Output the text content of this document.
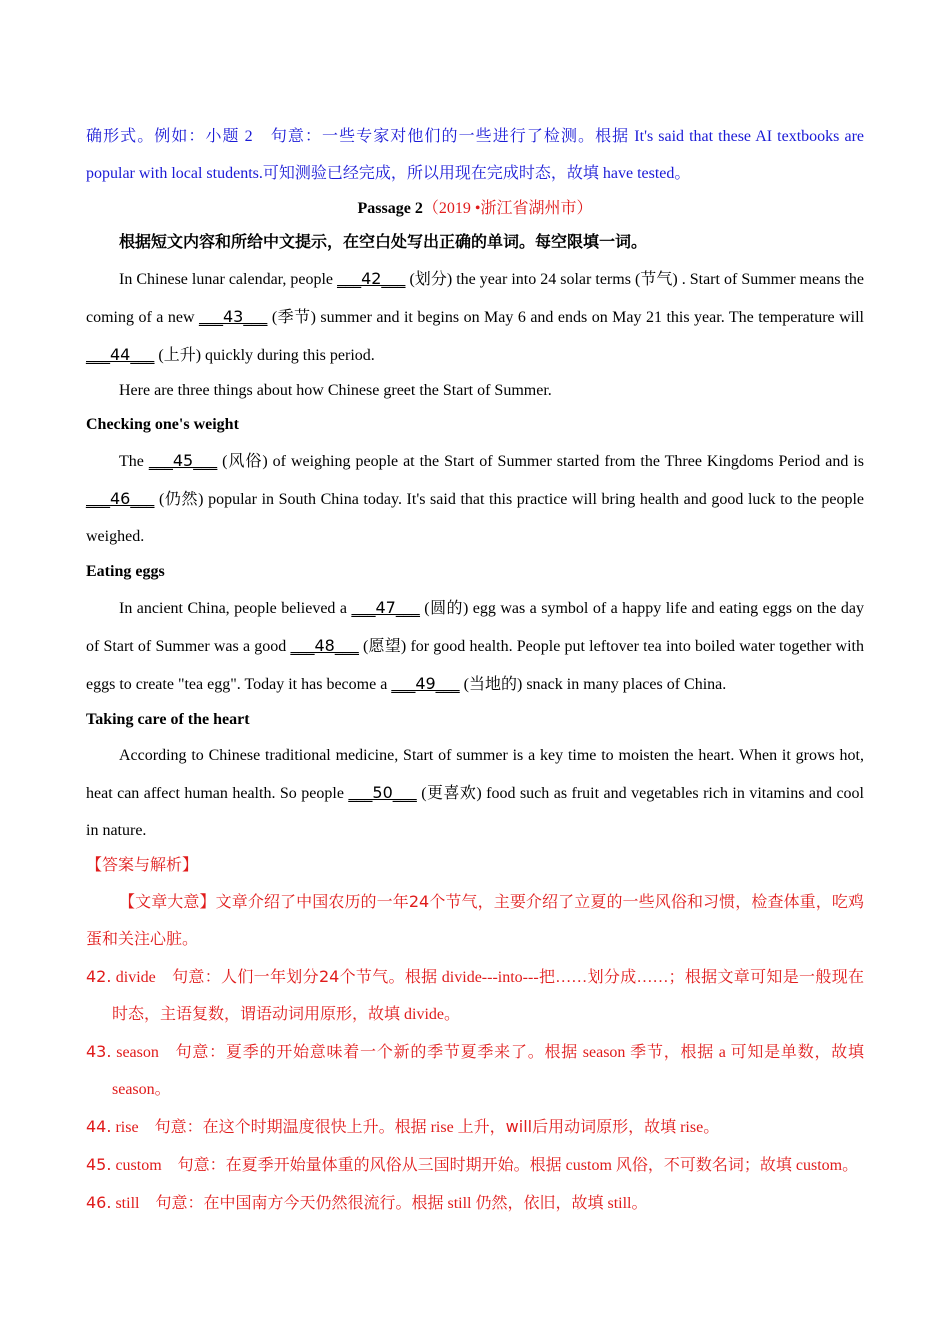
确形式。例如：小题 2　句意：一些专家对他们的一些进行了检测。根据 It's said that these AI textbooks are popular with local students.可知测验已经完成，所以用现在完成时态，故填 have tested。
Passage 2（2019 •浙江省湖州市）
根据短文内容和所给中文提示，在空白处写出正确的单词。每空限填一词。
In Chinese lunar calendar, people ___42___ (划分) the year into 24 solar terms (节气) . Start of Summer means the coming of a new ___43___ (季节) summer and it begins on May 6 and ends on May 21 this year. The temperature will ___44___ (上升) quickly during this period.
Here are three things about how Chinese greet the Start of Summer.
Checking one's weight
The ___45___ (风俗) of weighing people at the Start of Summer started from the Three Kingdoms Period and is ___46___ (仍然) popular in South China today. It's said that this practice will bring health and good luck to the people weighed.
Eating eggs
In ancient China, people believed a ___47___ (圆的) egg was a symbol of a happy life and eating eggs on the day of Start of Summer was a good ___48___ (愿望) for good health. People put leftover tea into boiled water together with eggs to create "tea egg". Today it has become a ___49___ (当地的) snack in many places of China.
Taking care of the heart
According to Chinese traditional medicine, Start of summer is a key time to moisten the heart. When it grows hot, heat can affect human health. So people ___50___ (更喜欢) food such as fruit and vegetables rich in vitamins and cool in nature.
【答案与解析】
【文章大意】文章介绍了中国农历的一年24个节气，主要介绍了立夏的一些风俗和习惯，检查体重，吃鸡蛋和关注心脏。
42. divide 句意：人们一年划分24个节气。根据 divide---into---把……划分成……；根据文章可知是一般现在时态，主语复数，谓语动词用原形，故填 divide。
43. season 句意：夏季的开始意味着一个新的季节夏季来了。根据 season 季节，根据 a 可知是单数，故填 season。
44. rise 句意：在这个时期温度很快上升。根据 rise 上升，will后用动词原形，故填 rise。
45. custom 句意：在夏季开始量体重的风俗从三国时期开始。根据 custom 风俗，不可数名词；故填 custom。
46. still 句意：在中国南方今天仍然很流行。根据 still 仍然，依旧，故填 still。
